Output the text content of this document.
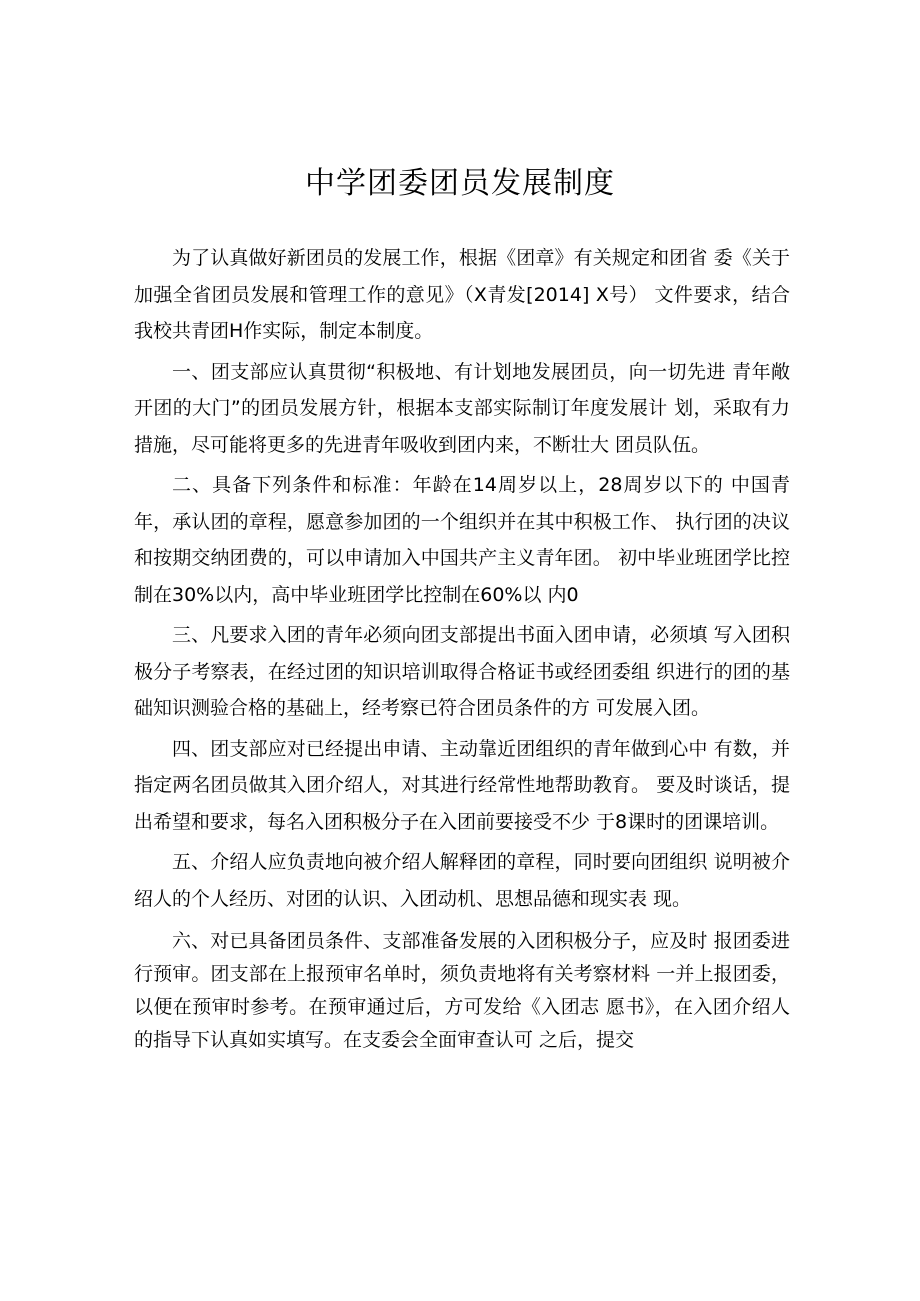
中学团委团员发展制度

为了认真做好新团员的发展工作，根据《团章》有关规定和团省 委《关于加强全省团员发展和管理工作的意见》（X青发[2014] X号） 文件要求，结合我校共青团H作实际，制定本制度。

一、团支部应认真贯彻“积极地、有计划地发展团员，向一切先进 青年敞开团的大门”的团员发展方针，根据本支部实际制订年度发展计 划，采取有力措施，尽可能将更多的先进青年吸收到团内来，不断壮大 团员队伍。

二、具备下列条件和标准：年龄在14周岁以上，28周岁以下的 中国青年，承认团的章程，愿意参加团的一个组织并在其中积极工作、 执行团的决议和按期交纳团费的，可以申请加入中国共产主义青年团。 初中毕业班团学比控制在30%以内，高中毕业班团学比控制在60%以 内0

三、凡要求入团的青年必须向团支部提出书面入团申请，必须填 写入团积极分子考察表，在经过团的知识培训取得合格证书或经团委组 织进行的团的基础知识测验合格的基础上，经考察已符合团员条件的方 可发展入团。

四、团支部应对已经提出申请、主动靠近团组织的青年做到心中 有数，并指定两名团员做其入团介绍人，对其进行经常性地帮助教育。 要及时谈话，提出希望和要求，每名入团积极分子在入团前要接受不少 于8课时的团课培训。

五、介绍人应负责地向被介绍人解释团的章程，同时要向团组织 说明被介绍人的个人经历、对团的认识、入团动机、思想品德和现实表 现。

六、对已具备团员条件、支部准备发展的入团积极分子，应及时 报团委进行预审。团支部在上报预审名单时，须负责地将有关考察材料 一并上报团委，以便在预审时参考。在预审通过后，方可发给《入团志 愿书》，在入团介绍人的指导下认真如实填写。在支委会全面审查认可 之后，提交
